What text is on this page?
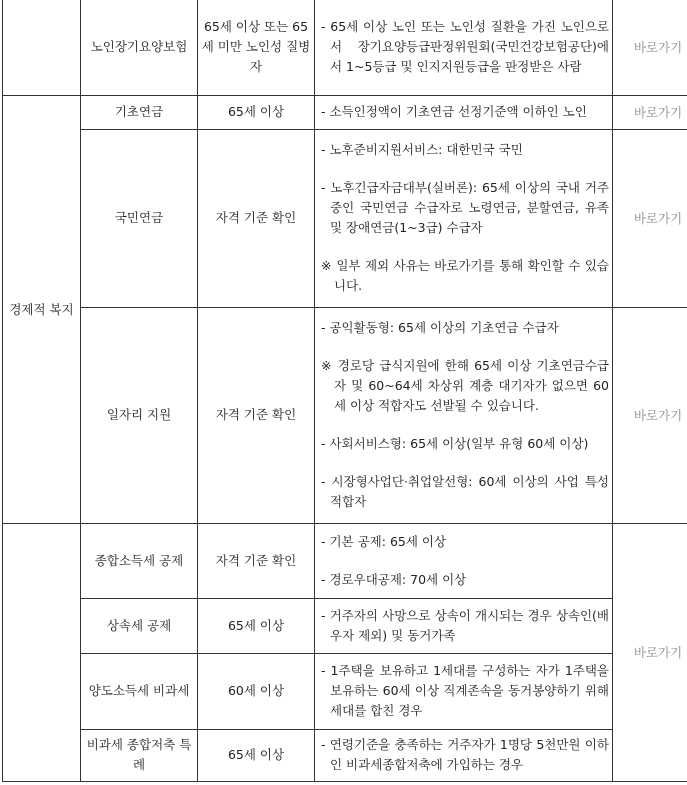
	노인장기요양보험	65세 이상 또는 65세 미만 노인성 질병자	- 65세 이상 노인 또는 노인성 질환을 가진 노인으로서 장기요양등급판정위원회(국민건강보험공단)에서 1~5등급 및 인지지원등급을 판정받은 사람	바로가기
경제적 복지	기초연금	65세 이상	- 소득인정액이 기초연금 선정기준액 이하인 노인	바로가기
	국민연금	자격 기준 확인	- 노후준비지원서비스: 대한민국 국민

- 노후긴급자금대부(실버론): 65세 이상의 국내 거주 중인 국민연금 수급자로 노령연금, 분할연금, 유족 및 장애연금(1~3급) 수급자

※ 일부 제외 사유는 바로가기를 통해 확인할 수 있습니다.	바로가기
	일자리 지원	자격 기준 확인	- 공익활동형: 65세 이상의 기초연금 수급자

※ 경로당 급식지원에 한해 65세 이상 기초연금수급자 및 60~64세 차상위 계층 대기자가 없으면 60세 이상 적합자도 선발될 수 있습니다.

- 사회서비스형: 65세 이상(일부 유형 60세 이상)

- 시장형사업단·취업알선형: 60세 이상의 사업 특성 적합자	바로가기
	종합소득세 공제	자격 기준 확인	- 기본 공제: 65세 이상

- 경로우대공제: 70세 이상	바로가기
	상속세 공제	65세 이상	- 거주자의 사망으로 상속이 개시되는 경우 상속인(배우자 제외) 및 동거가족	

	양도소득세 비과세	60세 이상	- 1주택을 보유하고 1세대를 구성하는 자가 1주택을 보유하는 60세 이상 직계존속을 동거봉양하기 위해 세대를 합친 경우	

	비과세 종합저축 특례	65세 이상	- 연령기준을 충족하는 거주자가 1명당 5천만원 이하인 비과세종합저축에 가입하는 경우	
